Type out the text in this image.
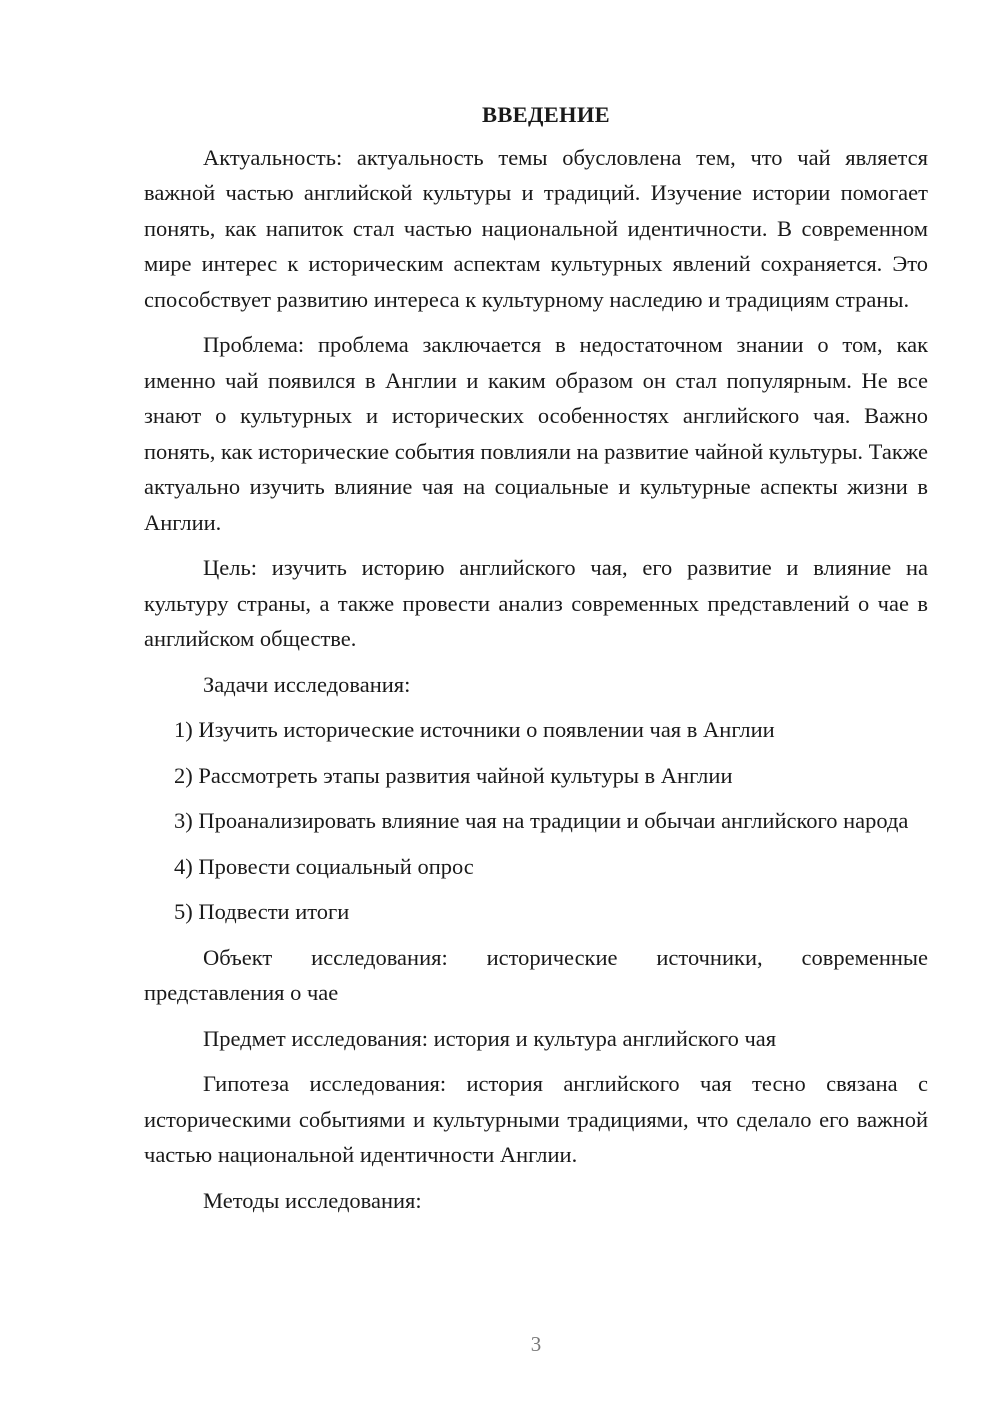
ВВЕДЕНИЕ

Актуальность: актуальность темы обусловлена тем, что чай является важной частью английской культуры и традиций. Изучение истории помогает понять, как напиток стал частью национальной идентичности. В современном мире интерес к историческим аспектам культурных явлений сохраняется. Это способствует развитию интереса к культурному наследию и традициям страны.

Проблема: проблема заключается в недостаточном знании о том, как именно чай появился в Англии и каким образом он стал популярным. Не все знают о культурных и исторических особенностях английского чая. Важно понять, как исторические события повлияли на развитие чайной культуры. Также актуально изучить влияние чая на социальные и культурные аспекты жизни в Англии.

Цель: изучить историю английского чая, его развитие и влияние на культуру страны, а также провести анализ современных представлений о чае в английском обществе.

Задачи исследования:

1) Изучить исторические источники о появлении чая в Англии

2) Рассмотреть этапы развития чайной культуры в Англии

3) Проанализировать влияние чая на традиции и обычаи английского народа

4) Провести социальный опрос

5) Подвести итоги

Объект исследования: исторические источники, современные представления о чае

Предмет исследования: история и культура английского чая

Гипотеза исследования: история английского чая тесно связана с историческими событиями и культурными традициями, что сделало его важной частью национальной идентичности Англии.

Методы исследования:

3
